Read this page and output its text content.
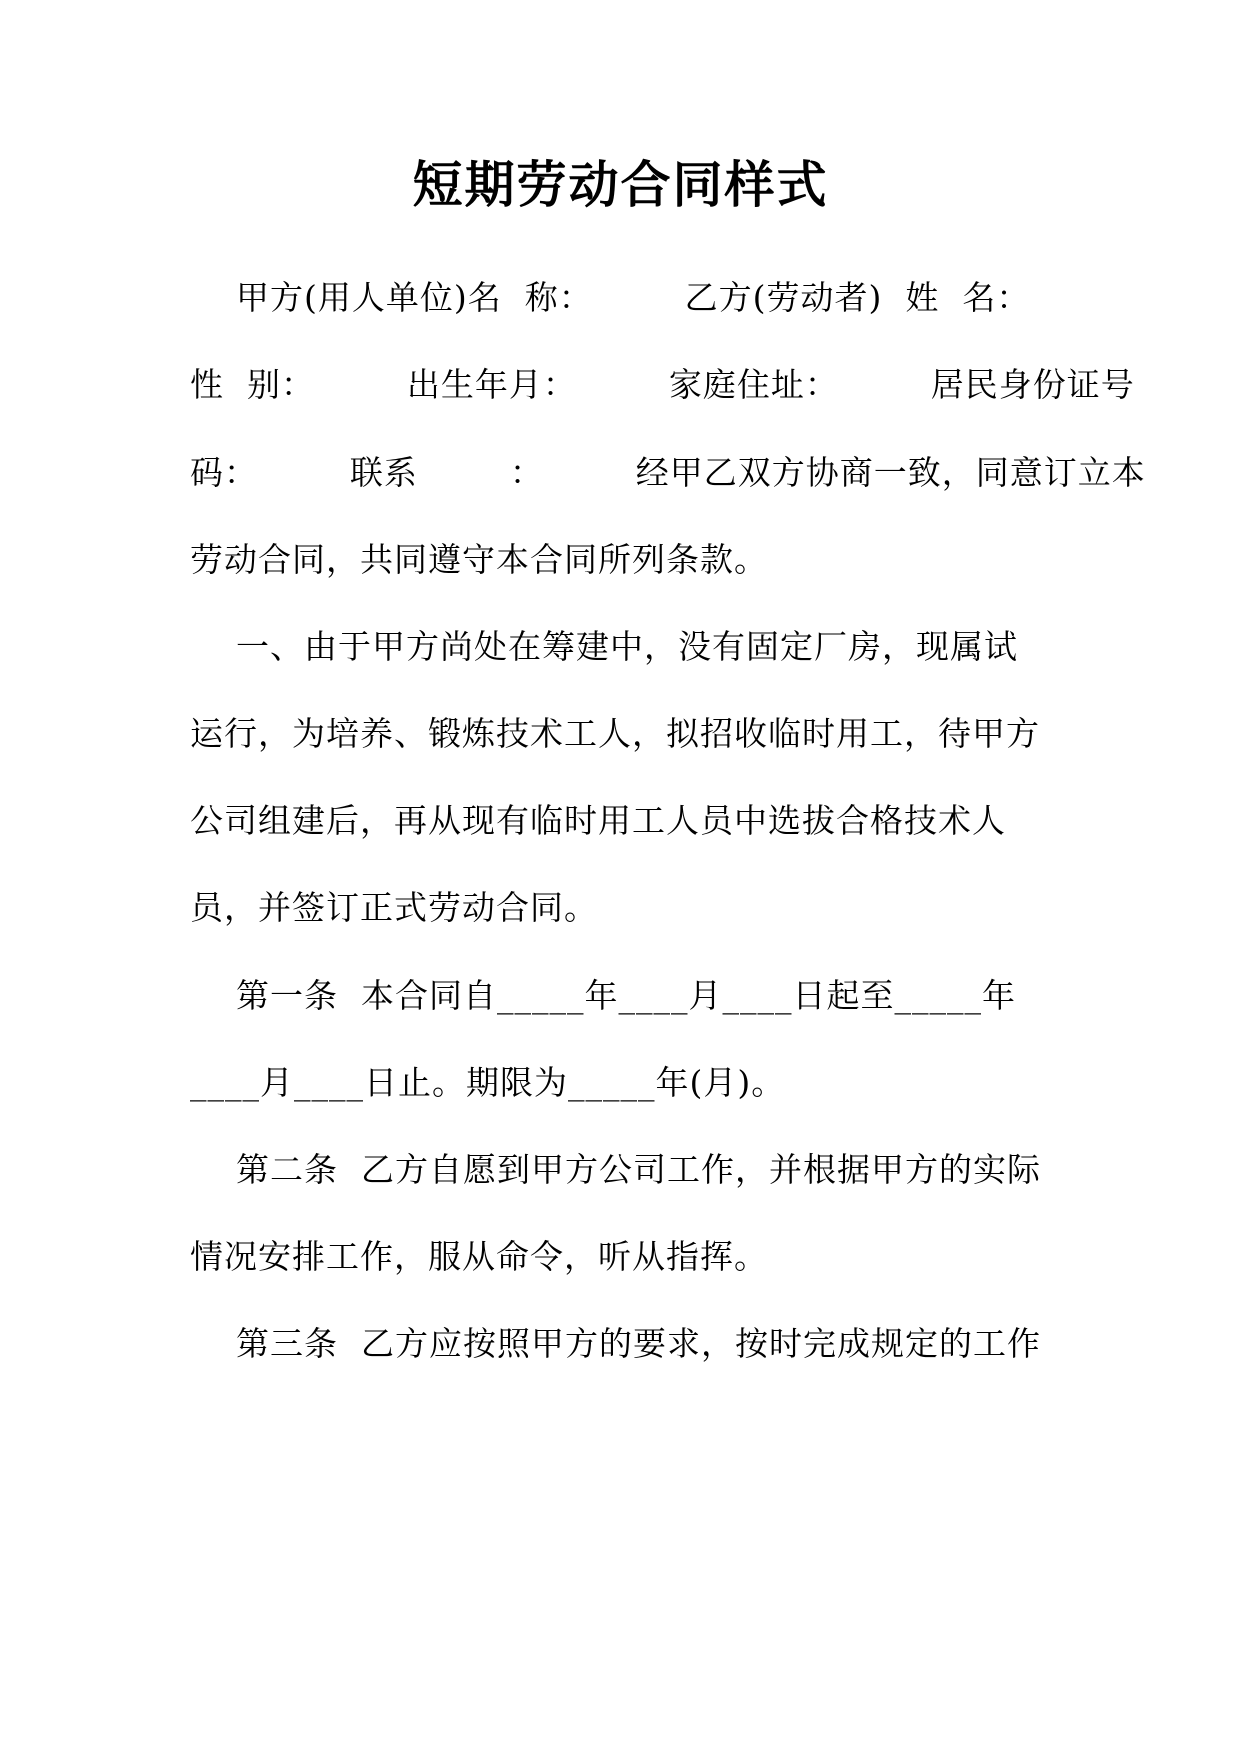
短期劳动合同样式
甲方(用人单位)名  称：        乙方(劳动者)  姓  名：
性  别：        出生年月：        家庭住址：        居民身份证号
码：        联系        ：        经甲乙双方协商一致，同意订立本
劳动合同，共同遵守本合同所列条款。
一、由于甲方尚处在筹建中，没有固定厂房，现属试
运行，为培养、锻炼技术工人，拟招收临时用工，待甲方
公司组建后，再从现有临时用工人员中选拔合格技术人
员，并签订正式劳动合同。
第一条  本合同自_____年____月____日起至_____年
____月____日止。期限为_____年(月)。
第二条  乙方自愿到甲方公司工作，并根据甲方的实际
情况安排工作，服从命令，听从指挥。
第三条  乙方应按照甲方的要求，按时完成规定的工作
